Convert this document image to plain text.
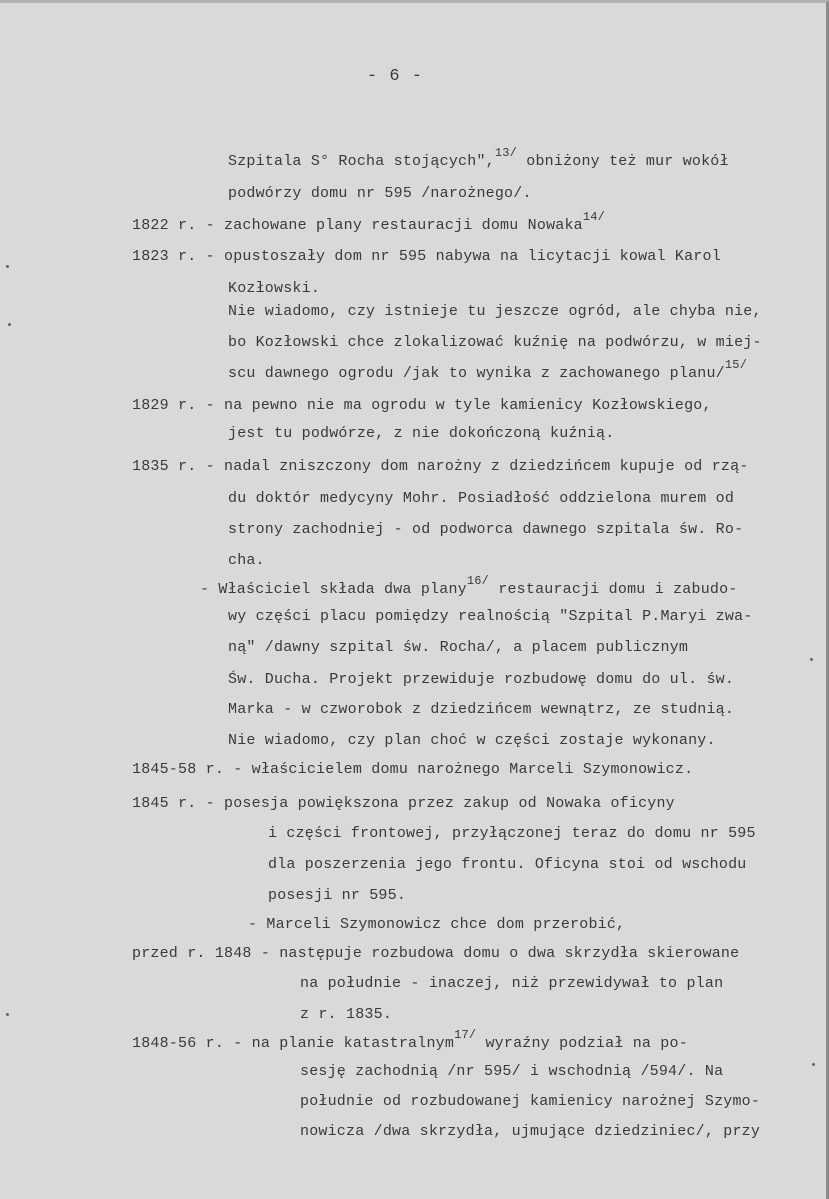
- 6 -
Szpitala S° Rocha stojących",$^{13/}$ obniżony też mur wokół
podwórzy domu nr 595 /narożnego/.
1822 r. - zachowane plany restauracji domu Nowaka$^{14/}$
1823 r. - opustoszały dom nr 595 nabywa na licytacji kowal Karol
Kozłowski.
Nie wiadomo, czy istnieje tu jeszcze ogród, ale chyba nie,
bo Kozłowski chce zlokalizować kuźnię na podwórzu, w miej-
scu dawnego ogrodu /jak to wynika z zachowanego planu/$^{15/}$
1829 r. - na pewno nie ma ogrodu w tyle kamienicy Kozłowskiego,
jest tu podwórze, z nie dokończoną kuźnią.
1835 r. - nadal zniszczony dom narożny z dziedzińcem kupuje od rzą-
du doktór medycyny Mohr. Posiadłość oddzielona murem od
strony zachodniej - od podworca dawnego szpitala św. Ro-
cha.
- Właściciel składa dwa plany$^{16/}$ restauracji domu i zabudo-
wy części placu pomiędzy realnością "Szpital P.Maryi zwa-
ną" /dawny szpital św. Rocha/, a placem publicznym
Św. Ducha. Projekt przewiduje rozbudowę domu do ul. św.
Marka - w czworobok z dziedzińcem wewnątrz, ze studnią.
Nie wiadomo, czy plan choć w części zostaje wykonany.
1845-58 r. - właścicielem domu narożnego Marceli Szymonowicz.
1845 r. - posesja powiększona przez zakup od Nowaka oficyny
i części frontowej, przyłączonej teraz do domu nr 595
dla poszerzenia jego frontu. Oficyna stoi od wschodu
posesji nr 595.
- Marceli Szymonowicz chce dom przerobić,
przed r. 1848 - następuje rozbudowa domu o dwa skrzydła skierowane
na południe - inaczej, niż przewidywał to plan
z r. 1835.
1848-56 r. - na planie katastralnym$^{17/}$ wyraźny podział na po-
sesję zachodnią /nr 595/ i wschodnią /594/. Na
południe od rozbudowanej kamienicy narożnej Szymo-
nowicza /dwa skrzydła, ujmujące dziedziniec/, przy
